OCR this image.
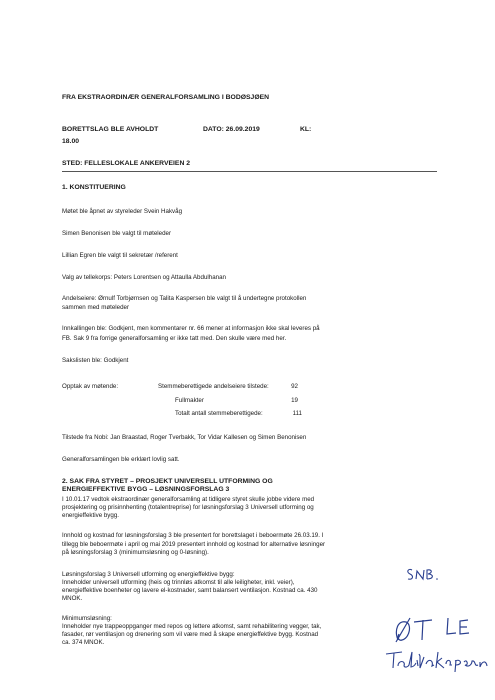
FRA EKSTRAORDINÆR GENERALFORSAMLING I BODØSJØEN
BORETTSLAG BLE AVHOLDT	DATO: 26.09.2019	KL:
18.00
STED: FELLESLOKALE ANKERVEIEN 2
1. KONSTITUERING
Møtet ble åpnet av styreleder Svein Hakvåg
Simen Benonisen ble valgt til møteleder
Lillian Egren ble valgt til sekretær /referent
Valg av tellekorps: Peters Lorentsen og Attaulla Abdulhanan
Andelseiere: Ørnulf Torbjørnsen og Talita Kaspersen ble valgt til å undertegne protokollen
sammen med møteleder
Innkallingen ble: Godkjent, men kommentarer nr. 66 mener at informasjon ikke skal leveres på
FB. Sak 9 fra forrige generalforsamling er ikke tatt med. Den skulle være med her.
Sakslisten ble: Godkjent
Opptak av møtende:	Stemmeberettigede andelseiere tilstede:	92
Fullmakter	19
Totalt antall stemmeberettigede:	111
Tilstede fra Nobi: Jan Braastad, Roger Tverbakk, Tor Vidar Kallesen og Simen Benonisen
Generalforsamlingen ble erklært lovlig satt.
2. SAK FRA STYRET – PROSJEKT UNIVERSELL UTFORMING OG
ENERGIEFFEKTIVE BYGG – LØSNINGSFORSLAG 3
I 10.01.17 vedtok ekstraordinær generalforsamling at tidligere styret skulle jobbe videre med
prosjektering og prisinnhenting (totalentreprise) for løsningsforslag 3 Universell utforming og
energieffektive bygg.
Innhold og kostnad for løsningsforslag 3 ble presentert for borettslaget i beboermøte 26.03.19. I
tillegg ble beboermøte i april og mai 2019 presentert innhold og kostnad for alternative løsninger
på løsningsforslag 3 (minimumsløsning og 0-løsning).
Løsningsforslag 3 Universell utforming og energieffektive bygg:
Inneholder universell utforming (heis og trinnløs atkomst til alle leiligheter, inkl. veier),
energieffektive boenheter og lavere el-kostnader, samt balansert ventilasjon. Kostnad ca. 430
MNOK.
Minimumsløsning:
Inneholder nye trappeoppganger med repos og lettere atkomst, samt rehabilitering vegger, tak,
fasader, rør ventilasjon og drenering som vil være med å skape energieffektive bygg. Kostnad
ca. 374 MNOK.
